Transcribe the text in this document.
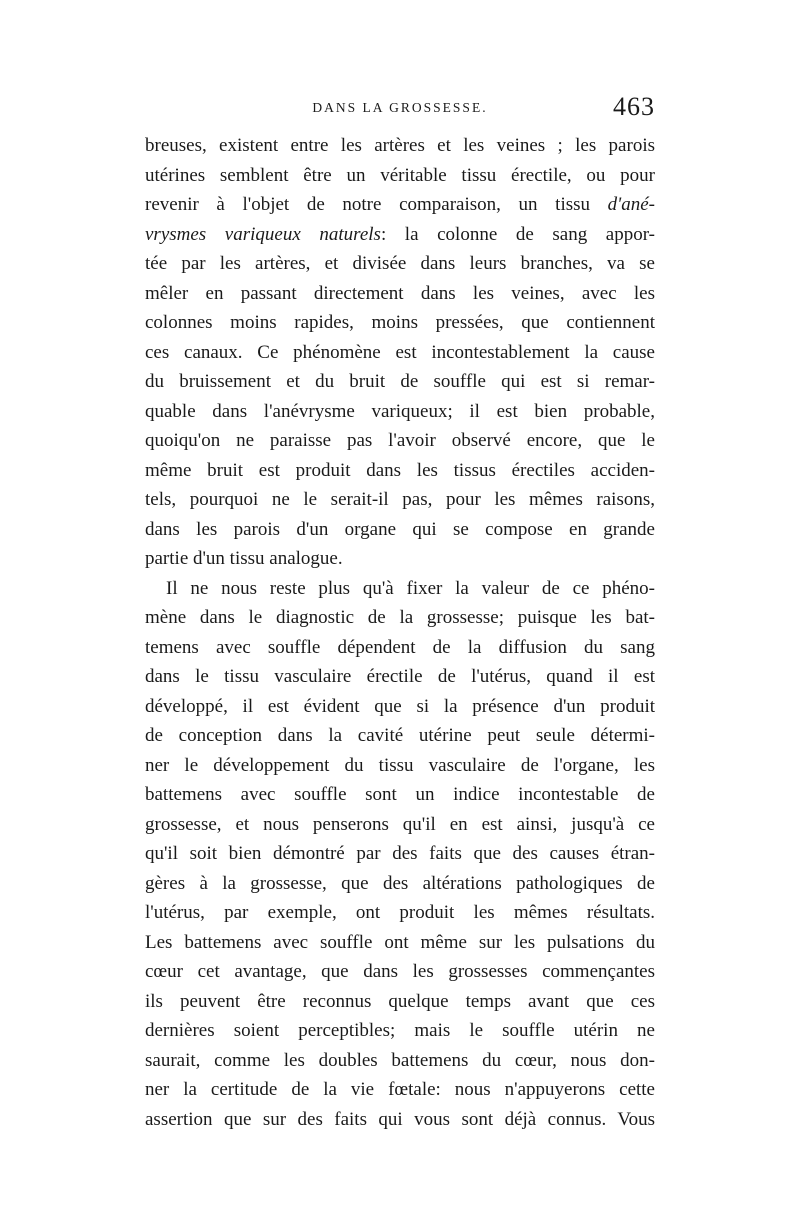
DANS LA GROSSESSE.	463
breuses, existent entre les artères et les veines ; les parois
utérines semblent être un véritable tissu érectile, ou pour
revenir à l'objet de notre comparaison, un tissu d'ané-
vrysmes variqueux naturels: la colonne de sang appor-
tée par les artères, et divisée dans leurs branches, va se
mêler en passant directement dans les veines, avec les
colonnes moins rapides, moins pressées, que contiennent
ces canaux. Ce phénomène est incontestablement la cause
du bruissement et du bruit de souffle qui est si remar-
quable dans l'anévrysme variqueux; il est bien probable,
quoiqu'on ne paraisse pas l'avoir observé encore, que le
même bruit est produit dans les tissus érectiles acciden-
tels, pourquoi ne le serait-il pas, pour les mêmes raisons,
dans les parois d'un organe qui se compose en grande
partie d'un tissu analogue.
Il ne nous reste plus qu'à fixer la valeur de ce phéno-
mène dans le diagnostic de la grossesse; puisque les bat-
temens avec souffle dépendent de la diffusion du sang
dans le tissu vasculaire érectile de l'utérus, quand il est
développé, il est évident que si la présence d'un produit
de conception dans la cavité utérine peut seule détermi-
ner le développement du tissu vasculaire de l'organe, les
battemens avec souffle sont un indice incontestable de
grossesse, et nous penserons qu'il en est ainsi, jusqu'à ce
qu'il soit bien démontré par des faits que des causes étran-
gères à la grossesse, que des altérations pathologiques de
l'utérus, par exemple, ont produit les mêmes résultats.
Les battemens avec souffle ont même sur les pulsations du
cœur cet avantage, que dans les grossesses commençantes
ils peuvent être reconnus quelque temps avant que ces
dernières soient perceptibles; mais le souffle utérin ne
saurait, comme les doubles battemens du cœur, nous don-
ner la certitude de la vie fœtale: nous n'appuyerons cette
assertion que sur des faits qui vous sont déjà connus. Vous
